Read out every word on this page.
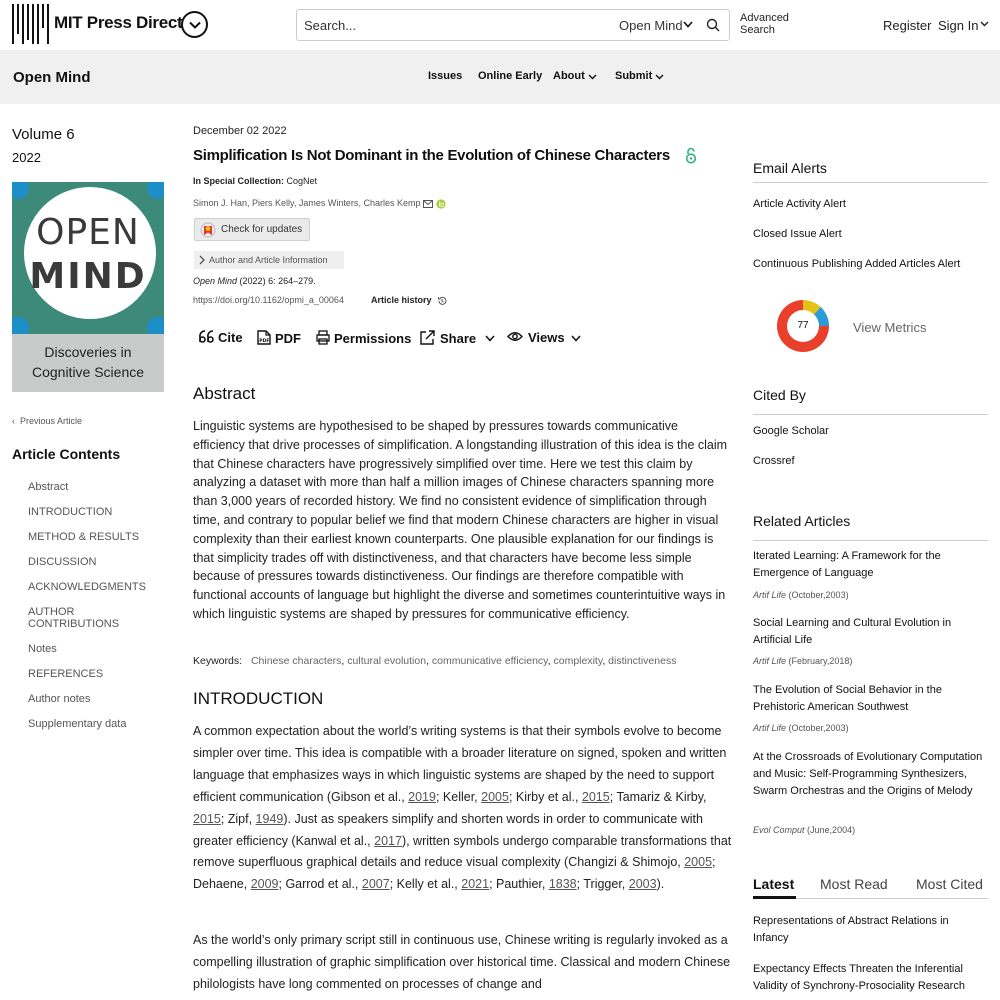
MIT Press Direct	Search...	Open Mind	Advanced
Search	Register Sign In
Open Mind	Issues Online Early About	Submit
Volume 6
2022
OPEN
MIND
Discoveries in
Cognitive Science
‹ Previous Article
Article Contents
Abstract
INTRODUCTION
METHOD & RESULTS
DISCUSSION
ACKNOWLEDGMENTS
AUTHOR
CONTRIBUTIONS
Notes
REFERENCES
Author notes
Supplementary data
December 02 2022
Simplification Is Not Dominant in the Evolution of Chinese Characters
In Special Collection: CogNet
Simon J. Han, Piers Kelly, James Winters, Charles Kemp
Check for updates
Author and Article Information
Open Mind (2022) 6: 264–279.
https://doi.org/10.1162/opmi_a_00064	Article history
Cite	PDF PDF	Permissions	Share	Views
Abstract

Linguistic systems are hypothesised to be shaped by pressures towards communicative efficiency that drive processes of simplification. A longstanding illustration of this idea is the claim that Chinese characters have progressively simplified over time. Here we test this claim by analyzing a dataset with more than half a million images of Chinese characters spanning more than 3,000 years of recorded history. We find no consistent evidence of simplification through time, and contrary to popular belief we find that modern Chinese characters are higher in visual complexity than their earliest known counterparts. One plausible explanation for our findings is that simplicity trades off with distinctiveness, and that characters have become less simple because of pressures towards distinctiveness. Our findings are therefore compatible with functional accounts of language but highlight the diverse and sometimes counterintuitive ways in which linguistic systems are shaped by pressures for communicative efficiency.

Keywords: Chinese characters, cultural evolution, communicative efficiency, complexity, distinctiveness
INTRODUCTION

A common expectation about the world’s writing systems is that their symbols evolve to become simpler over time. This idea is compatible with a broader literature on signed, spoken and written language that emphasizes ways in which linguistic systems are shaped by the need to support efficient communication (Gibson et al., 2019; Keller, 2005; Kirby et al., 2015; Tamariz & Kirby, 2015; Zipf, 1949). Just as speakers simplify and shorten words in order to communicate with greater efficiency (Kanwal et al., 2017), written symbols undergo comparable transformations that remove superfluous graphical details and reduce visual complexity (Changizi & Shimojo, 2005; Dehaene, 2009; Garrod et al., 2007; Kelly et al., 2021; Pauthier, 1838; Trigger, 2003).

As the world’s only primary script still in continuous use, Chinese writing is regularly invoked as a compelling illustration of graphic simplification over historical time. Classical and modern Chinese philologists have long commented on processes of change and

Email Alerts
Article Activity Alert
Closed Issue Alert
Continuous Publishing Added Articles Alert
77	View Metrics
Cited By
Google Scholar
Crossref
Related Articles
Iterated Learning: A Framework for the Emergence of Language
Artif Life (October,2003)
Social Learning and Cultural Evolution in Artificial Life
Artif Life (February,2018)
The Evolution of Social Behavior in the Prehistoric American Southwest
Artif Life (October,2003)
At the Crossroads of Evolutionary Computation and Music: Self-Programming Synthesizers, Swarm Orchestras and the Origins of Melody
Evol Comput (June,2004)
Latest Most Read Most Cited
Representations of Abstract Relations in Infancy
Expectancy Effects Threaten the Inferential Validity of Synchrony-Prosociality Research
